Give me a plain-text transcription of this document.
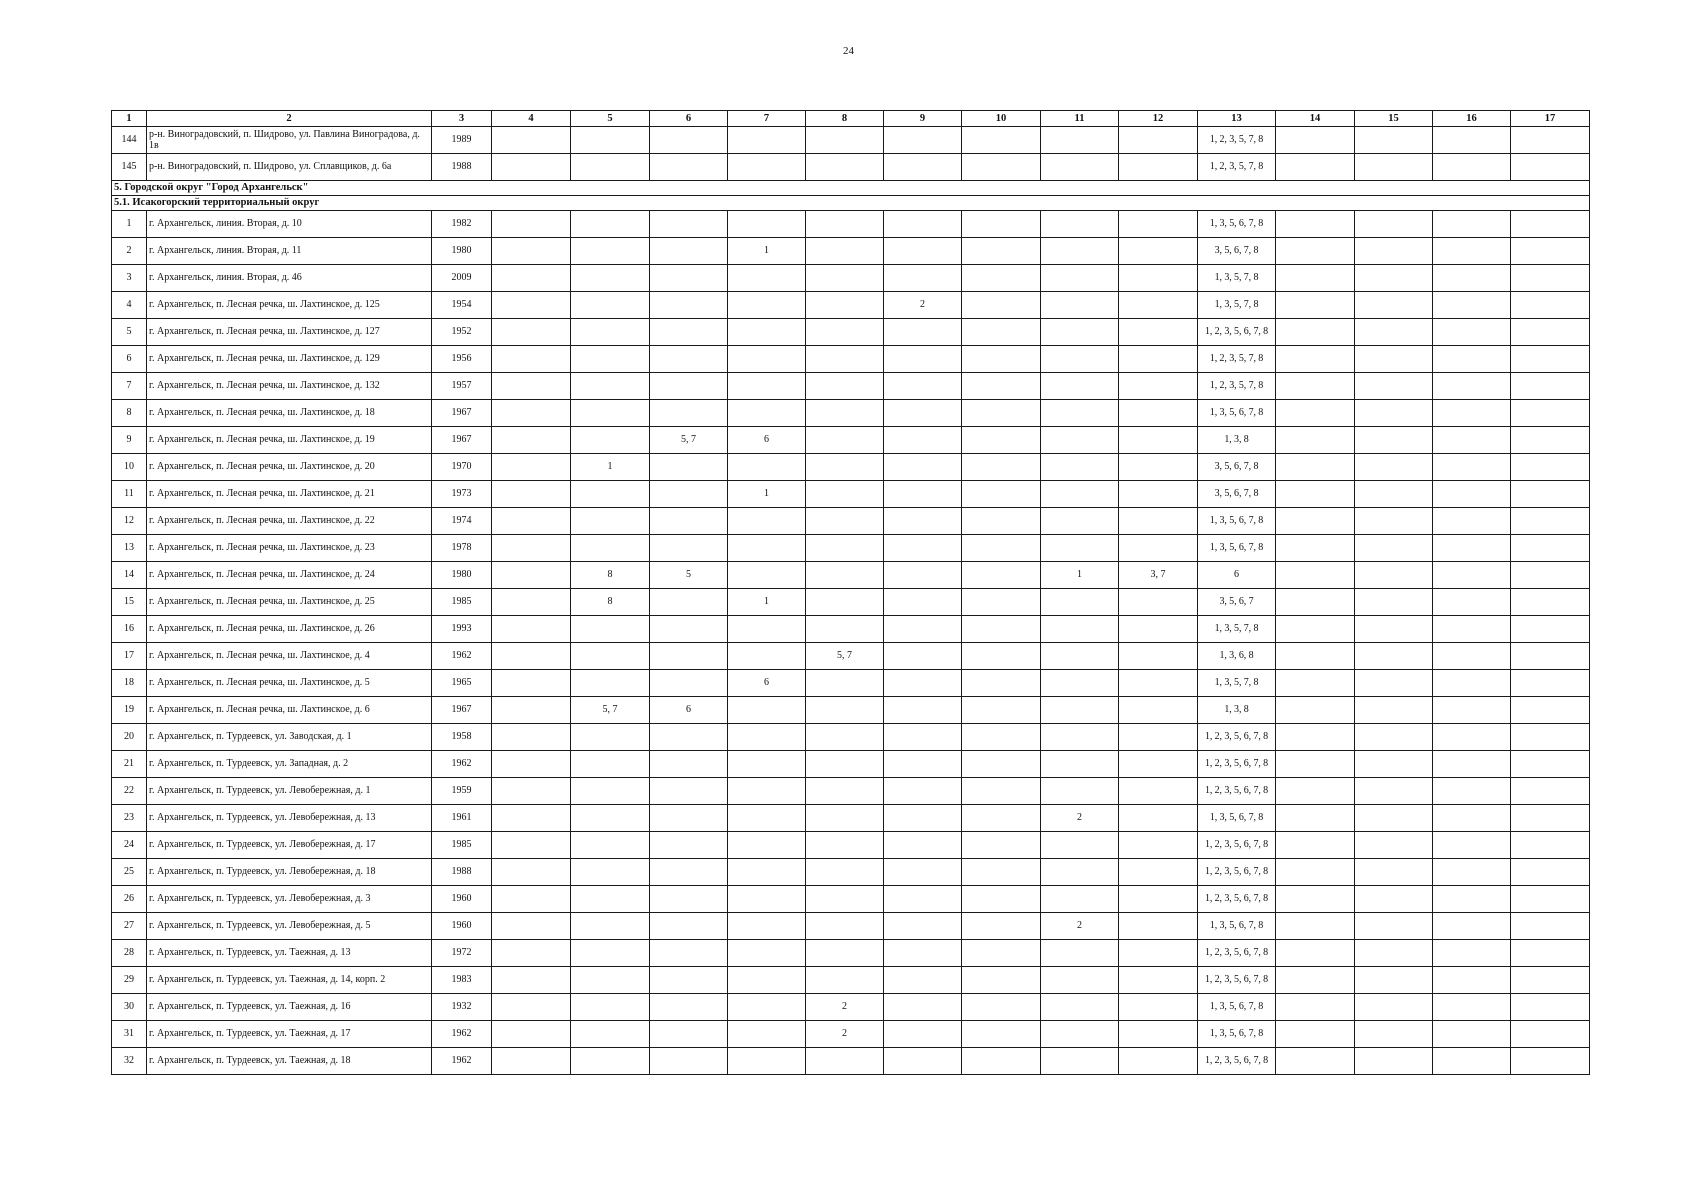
24
1	2	3	4	5	6	7	8	9	10	11	12	13	14	15	16	17
144	р-н. Виноградовский, п. Шидрово, ул. Павлина Виноградова, д. 1в	1989										1, 2, 3, 5, 7, 8				
145	р-н. Виноградовский, п. Шидрово, ул. Сплавщиков, д. 6а	1988										1, 2, 3, 5, 7, 8				
5. Городской округ "Город Архангельск"																
5.1. Исакогорский территориальный округ																
1	г. Архангельск, линия. Вторая, д. 10	1982										1, 3, 5, 6, 7, 8				
2	г. Архангельск, линия. Вторая, д. 11	1980				1						3, 5, 6, 7, 8				
3	г. Архангельск, линия. Вторая, д. 46	2009										1, 3, 5, 7, 8				
4	г. Архангельск, п. Лесная речка, ш. Лахтинское, д. 125	1954						2				1, 3, 5, 7, 8				
5	г. Архангельск, п. Лесная речка, ш. Лахтинское, д. 127	1952										1, 2, 3, 5, 6, 7, 8				
6	г. Архангельск, п. Лесная речка, ш. Лахтинское, д. 129	1956										1, 2, 3, 5, 7, 8				
7	г. Архангельск, п. Лесная речка, ш. Лахтинское, д. 132	1957										1, 2, 3, 5, 7, 8				
8	г. Архангельск, п. Лесная речка, ш. Лахтинское, д. 18	1967										1, 3, 5, 6, 7, 8				
9	г. Архангельск, п. Лесная речка, ш. Лахтинское, д. 19	1967			5, 7	6						1, 3, 8				
10	г. Архангельск, п. Лесная речка, ш. Лахтинское, д. 20	1970		1								3, 5, 6, 7, 8				
11	г. Архангельск, п. Лесная речка, ш. Лахтинское, д. 21	1973				1						3, 5, 6, 7, 8				
12	г. Архангельск, п. Лесная речка, ш. Лахтинское, д. 22	1974										1, 3, 5, 6, 7, 8				
13	г. Архангельск, п. Лесная речка, ш. Лахтинское, д. 23	1978										1, 3, 5, 6, 7, 8				
14	г. Архангельск, п. Лесная речка, ш. Лахтинское, д. 24	1980		8	5					1	3, 7	6				
15	г. Архангельск, п. Лесная речка, ш. Лахтинское, д. 25	1985		8		1						3, 5, 6, 7				
16	г. Архангельск, п. Лесная речка, ш. Лахтинское, д. 26	1993										1, 3, 5, 7, 8				
17	г. Архангельск, п. Лесная речка, ш. Лахтинское, д. 4	1962					5, 7					1, 3, 6, 8				
18	г. Архангельск, п. Лесная речка, ш. Лахтинское, д. 5	1965				6						1, 3, 5, 7, 8				
19	г. Архангельск, п. Лесная речка, ш. Лахтинское, д. 6	1967		5, 7	6							1, 3, 8				
20	г. Архангельск, п. Турдеевск, ул. Заводская, д. 1	1958										1, 2, 3, 5, 6, 7, 8				
21	г. Архангельск, п. Турдеевск, ул. Западная, д. 2	1962										1, 2, 3, 5, 6, 7, 8				
22	г. Архангельск, п. Турдеевск, ул. Левобережная, д. 1	1959										1, 2, 3, 5, 6, 7, 8				
23	г. Архангельск, п. Турдеевск, ул. Левобережная, д. 13	1961								2		1, 3, 5, 6, 7, 8				
24	г. Архангельск, п. Турдеевск, ул. Левобережная, д. 17	1985										1, 2, 3, 5, 6, 7, 8				
25	г. Архангельск, п. Турдеевск, ул. Левобережная, д. 18	1988										1, 2, 3, 5, 6, 7, 8				
26	г. Архангельск, п. Турдеевск, ул. Левобережная, д. 3	1960										1, 2, 3, 5, 6, 7, 8				
27	г. Архангельск, п. Турдеевск, ул. Левобережная, д. 5	1960								2		1, 3, 5, 6, 7, 8				
28	г. Архангельск, п. Турдеевск, ул. Таежная, д. 13	1972										1, 2, 3, 5, 6, 7, 8				
29	г. Архангельск, п. Турдеевск, ул. Таежная, д. 14, корп. 2	1983										1, 2, 3, 5, 6, 7, 8				
30	г. Архангельск, п. Турдеевск, ул. Таежная, д. 16	1932					2					1, 3, 5, 6, 7, 8				
31	г. Архангельск, п. Турдеевск, ул. Таежная, д. 17	1962					2					1, 3, 5, 6, 7, 8				
32	г. Архангельск, п. Турдеевск, ул. Таежная, д. 18	1962										1, 2, 3, 5, 6, 7, 8				
